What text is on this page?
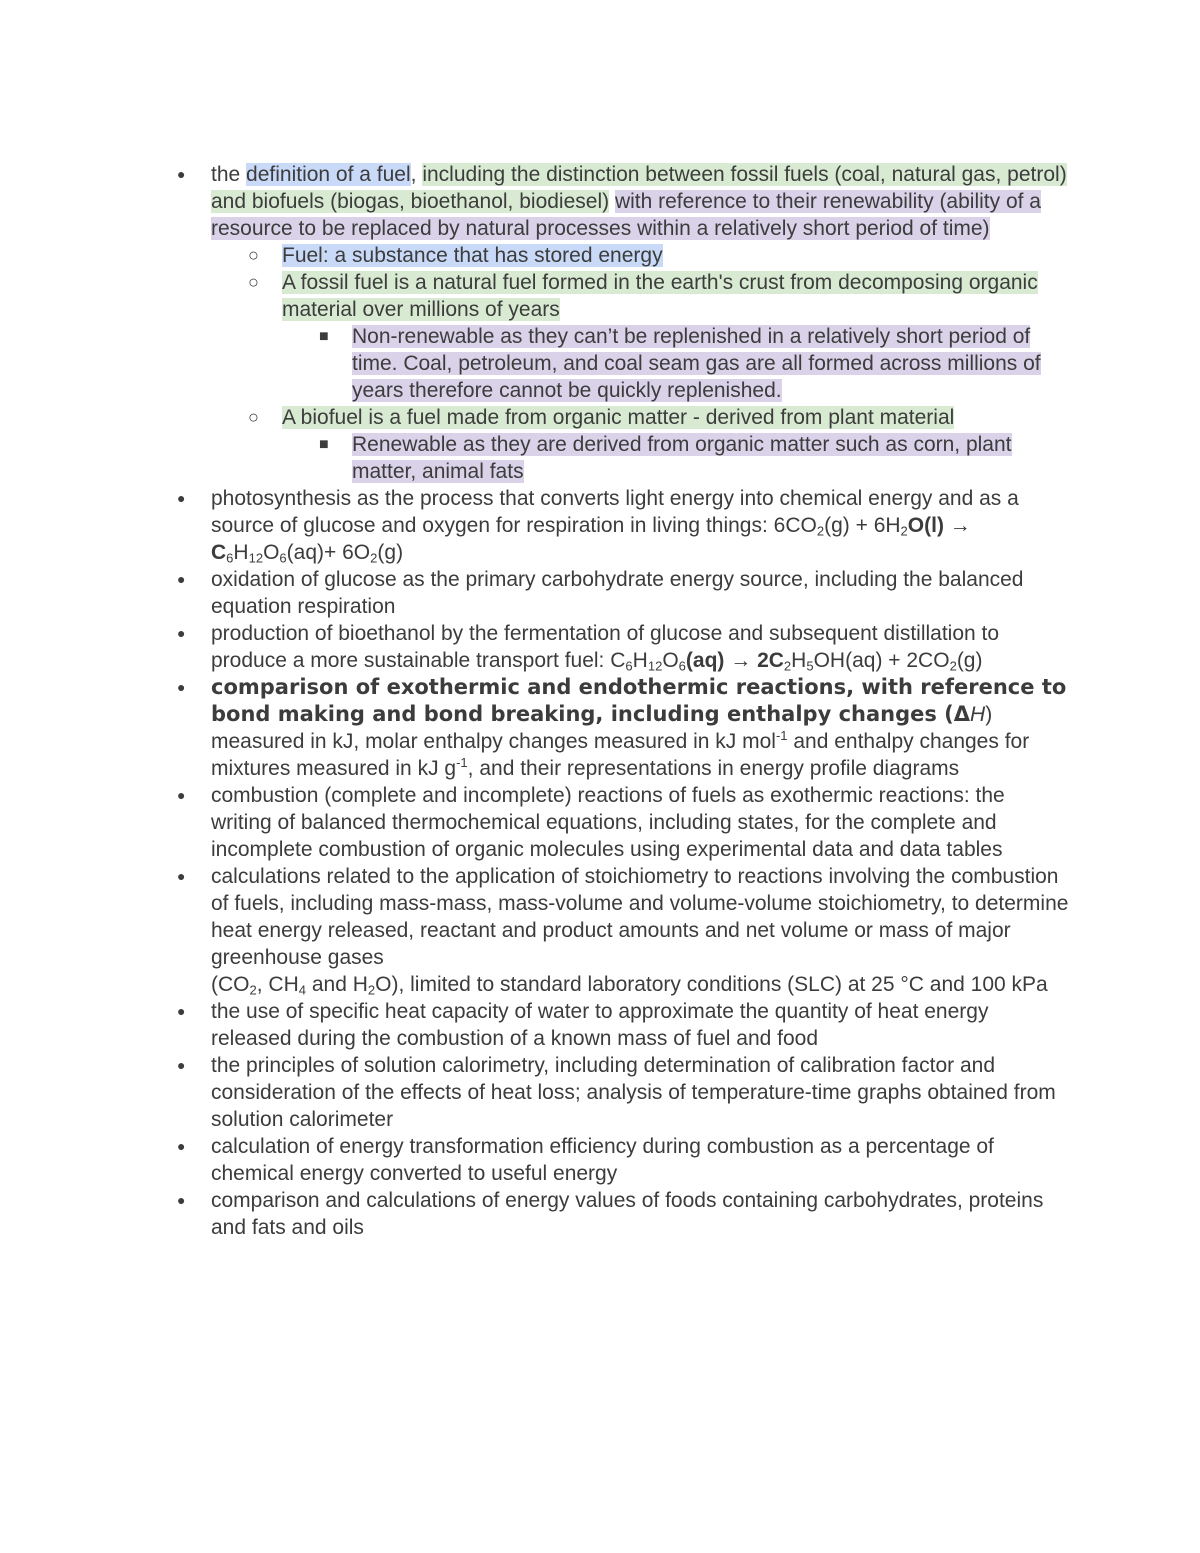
● the definition of a fuel, including the distinction between fossil fuels (coal, natural gas, petrol) and biofuels (biogas, bioethanol, biodiesel) with reference to their renewability (ability of a resource to be replaced by natural processes within a relatively short period of time)
○ Fuel: a substance that has stored energy
○ A fossil fuel is a natural fuel formed in the earth's crust from decomposing organic material over millions of years
■ Non-renewable as they can’t be replenished in a relatively short period of time. Coal, petroleum, and coal seam gas are all formed across millions of years therefore cannot be quickly replenished.
○ A biofuel is a fuel made from organic matter - derived from plant material
■ Renewable as they are derived from organic matter such as corn, plant matter, animal fats
● photosynthesis as the process that converts light energy into chemical energy and as a source of glucose and oxygen for respiration in living things: $6CO_2(g) + 6H_2O(l) \to C_6H_{12}O_6(aq)+ 6O_2(g)$
● oxidation of glucose as the primary carbohydrate energy source, including the balanced equation respiration
● production of bioethanol by the fermentation of glucose and subsequent distillation to produce a more sustainable transport fuel: $C_6H_{12}O_6(aq) \to 2C_2H_5OH(aq) + 2CO_2(g)$
● comparison of exothermic and endothermic reactions, with reference to bond making and bond breaking, including enthalpy changes (ΔH) measured in kJ, molar enthalpy changes measured in kJ mol$^{-1}$ and enthalpy changes for mixtures measured in kJ $g^{-1}$, and their representations in energy profile diagrams
● combustion (complete and incomplete) reactions of fuels as exothermic reactions: the writing of balanced thermochemical equations, including states, for the complete and incomplete combustion of organic molecules using experimental data and data tables
● calculations related to the application of stoichiometry to reactions involving the combustion of fuels, including mass-mass, mass-volume and volume-volume stoichiometry, to determine heat energy released, reactant and product amounts and net volume or mass of major greenhouse gases
($CO_2$, $CH_4$ and $H_2O$), limited to standard laboratory conditions (SLC) at 25 °C and 100 kPa
● the use of specific heat capacity of water to approximate the quantity of heat energy released during the combustion of a known mass of fuel and food
● the principles of solution calorimetry, including determination of calibration factor and consideration of the effects of heat loss; analysis of temperature-time graphs obtained from solution calorimeter
● calculation of energy transformation efficiency during combustion as a percentage of chemical energy converted to useful energy
● comparison and calculations of energy values of foods containing carbohydrates, proteins and fats and oils
